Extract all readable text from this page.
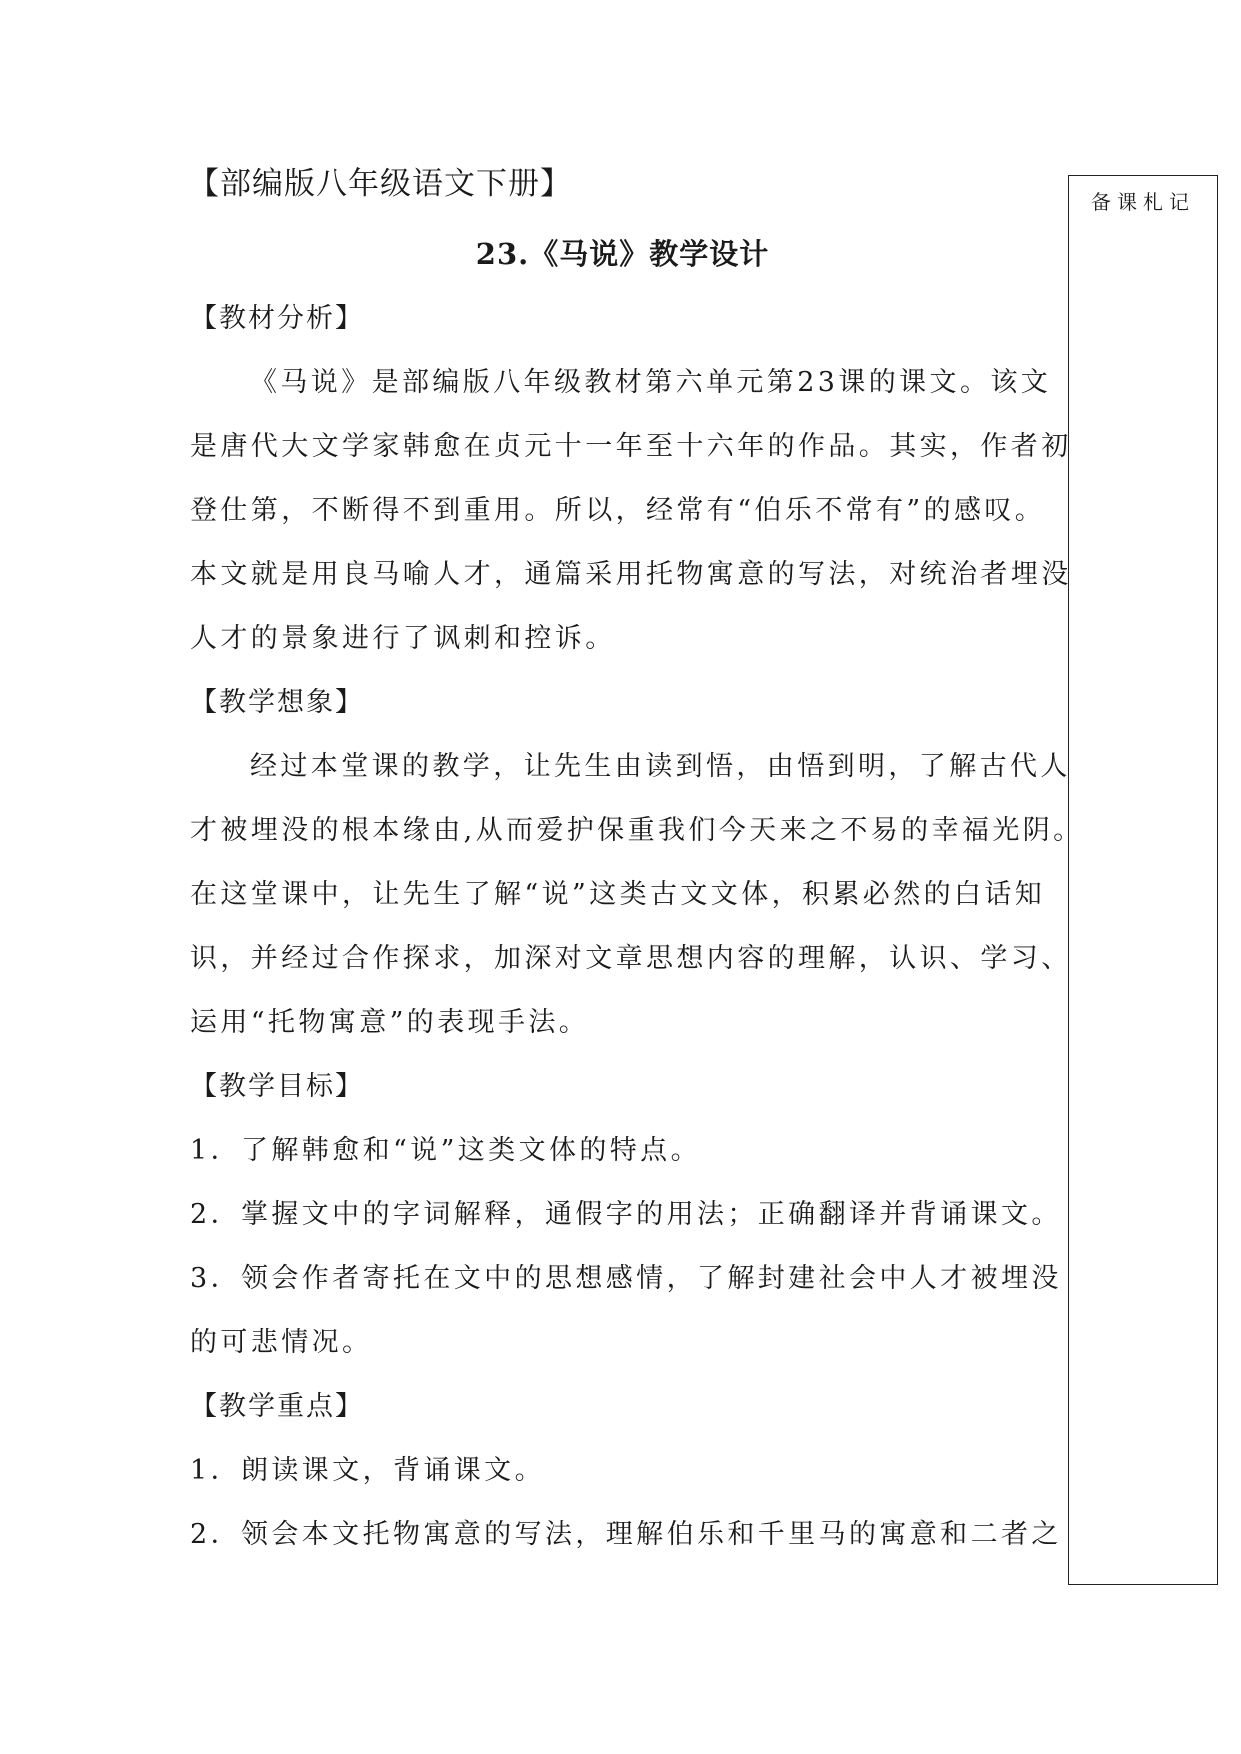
【部编版八年级语文下册】
23.《马说》教学设计
【教材分析】
《马说》是部编版八年级教材第六单元第23课的课文。该文
是唐代大文学家韩愈在贞元十一年至十六年的作品。其实，作者初
登仕第，不断得不到重用。所以，经常有“伯乐不常有”的感叹。
本文就是用良马喻人才，通篇采用托物寓意的写法，对统治者埋没
人才的景象进行了讽刺和控诉。
【教学想象】
经过本堂课的教学，让先生由读到悟，由悟到明，了解古代人
才被埋没的根本缘由,从而爱护保重我们今天来之不易的幸福光阴。
在这堂课中，让先生了解“说”这类古文文体，积累必然的白话知
识，并经过合作探求，加深对文章思想内容的理解，认识、学习、
运用“托物寓意”的表现手法。
【教学目标】
1．了解韩愈和“说”这类文体的特点。
2．掌握文中的字词解释，通假字的用法；正确翻译并背诵课文。
3．领会作者寄托在文中的思想感情，了解封建社会中人才被埋没
的可悲情况。
【教学重点】
1．朗读课文，背诵课文。
2．领会本文托物寓意的写法，理解伯乐和千里马的寓意和二者之
备课札记
